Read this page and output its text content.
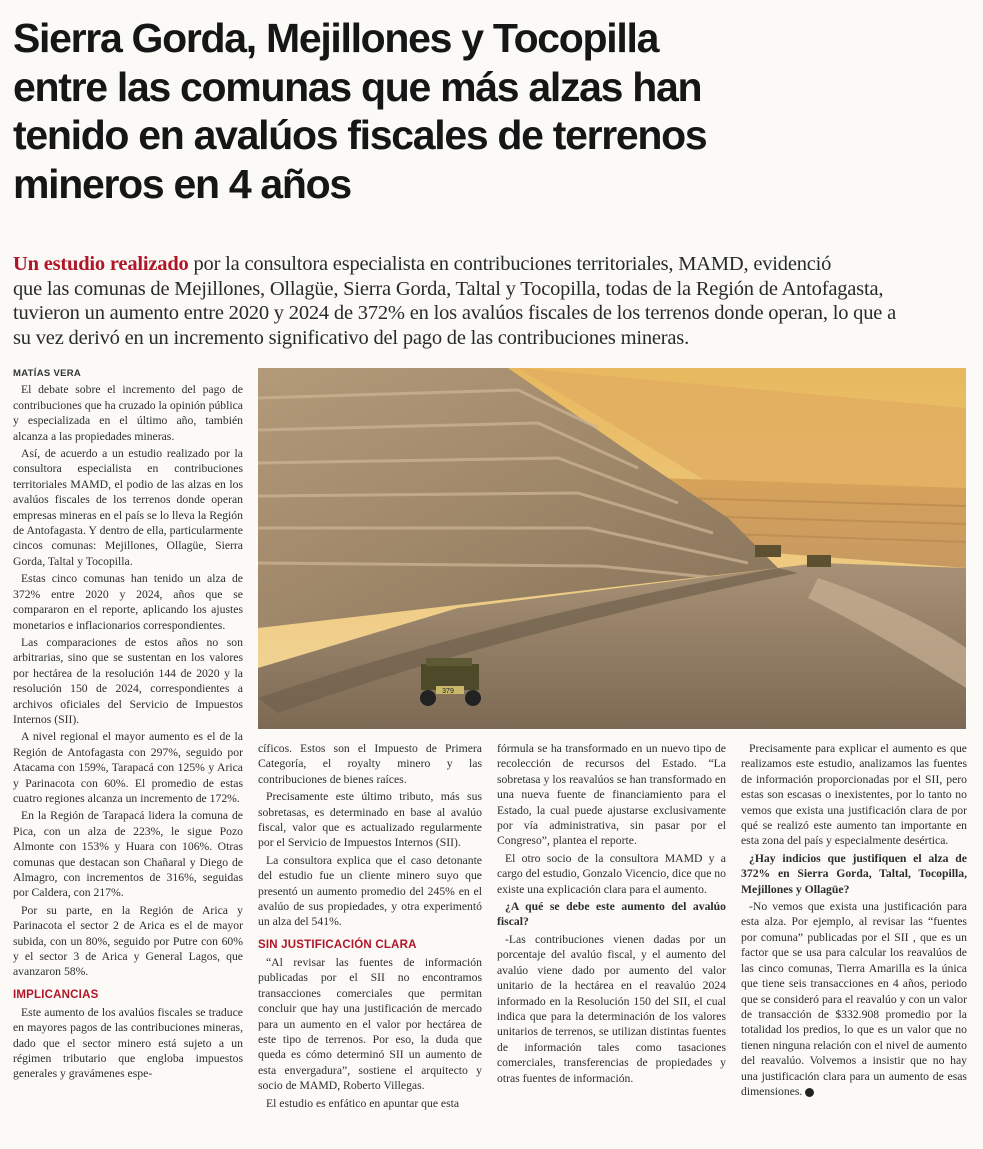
Sierra Gorda, Mejillones y Tocopilla
entre las comunas que más alzas han
tenido en avalúos fiscales de terrenos
mineros en 4 años
Un estudio realizado por la consultora especialista en contribuciones territoriales, MAMD, evidenció
que las comunas de Mejillones, Ollagüe, Sierra Gorda, Taltal y Tocopilla, todas de la Región de Antofagasta,
tuvieron un aumento entre 2020 y 2024 de 372% en los avalúos fiscales de los terrenos donde operan, lo que a
su vez derivó en un incremento significativo del pago de las contribuciones mineras.
MATÍAS VERA

El debate sobre el incremento del pago de contribuciones que ha cruzado la opinión pública y especializada en el último año, también alcanza a las propiedades mineras.

Así, de acuerdo a un estudio realizado por la consultora especialista en contribuciones territoriales MAMD, el podio de las alzas en los avalúos fiscales de los terrenos donde operan empresas mineras en el país se lo lleva la Región de Antofagasta. Y dentro de ella, particularmente cincos comunas: Mejillones, Ollagüe, Sierra Gorda, Taltal y Tocopilla.

Estas cinco comunas han tenido un alza de 372% entre 2020 y 2024, años que se compararon en el reporte, aplicando los ajustes monetarios e inflacionarios correspondientes.

Las comparaciones de estos años no son arbitrarias, sino que se sustentan en los valores por hectárea de la resolución 144 de 2020 y la resolución 150 de 2024, correspondientes a archivos oficiales del Servicio de Impuestos Internos (SII).

A nivel regional el mayor aumento es el de la Región de Antofagasta con 297%, seguido por Atacama con 159%, Tarapacá con 125% y Arica y Parinacota con 60%. El promedio de estas cuatro regiones alcanza un incremento de 172%.

En la Región de Tarapacá lidera la comuna de Pica, con un alza de 223%, le sigue Pozo Almonte con 153% y Huara con 106%. Otras comunas que destacan son Chañaral y Diego de Almagro, con incrementos de 316%, seguidas por Caldera, con 217%.

Por su parte, en la Región de Arica y Parinacota el sector 2 de Arica es el de mayor subida, con un 80%, seguido por Putre con 60% y el sector 3 de Arica y General Lagos, que avanzaron 58%.

IMPLICANCIAS

Este aumento de los avalúos fiscales se traduce en mayores pagos de las contribuciones mineras, dado que el sector minero está sujeto a un régimen tributario que engloba impuestos generales y gravámenes espe-

379

cíficos. Estos son el Impuesto de Primera Categoría, el royalty minero y las contribuciones de bienes raíces.

Precisamente este último tributo, más sus sobretasas, es determinado en base al avalúo fiscal, valor que es actualizado regularmente por el Servicio de Impuestos Internos (SII).

La consultora explica que el caso detonante del estudio fue un cliente minero suyo que presentó un aumento promedio del 245% en el avalúo de sus propiedades, y otra experimentó un alza del 541%.

SIN JUSTIFICACIÓN CLARA

“Al revisar las fuentes de información publicadas por el SII no encontramos transacciones comerciales que permitan concluir que hay una justificación de mercado para un aumento en el valor por hectárea de este tipo de terrenos. Por eso, la duda que queda es cómo determinó SII un aumento de esta envergadura”, sostiene el arquitecto y socio de MAMD, Roberto Villegas.

El estudio es enfático en apuntar que esta

fórmula se ha transformado en un nuevo tipo de recolección de recursos del Estado. “La sobretasa y los reavalúos se han transformado en una nueva fuente de financiamiento para el Estado, la cual puede ajustarse exclusivamente por vía administrativa, sin pasar por el Congreso”, plantea el reporte.

El otro socio de la consultora MAMD y a cargo del estudio, Gonzalo Vicencio, dice que no existe una explicación clara para el aumento.

¿A qué se debe este aumento del avalúo fiscal?

-Las contribuciones vienen dadas por un porcentaje del avalúo fiscal, y el aumento del avalúo viene dado por aumento del valor unitario de la hectárea en el reavalúo 2024 informado en la Resolución 150 del SII, el cual indica que para la determinación de los valores unitarios de terrenos, se utilizan distintas fuentes de información tales como tasaciones comerciales, transferencias de propiedades y otras fuentes de información.

Precisamente para explicar el aumento es que realizamos este estudio, analizamos las fuentes de información proporcionadas por el SII, pero estas son escasas o inexistentes, por lo tanto no vemos que exista una justificación clara de por qué se realizó este aumento tan importante en esta zona del país y especialmente desértica.

¿Hay indicios que justifiquen el alza de 372% en Sierra Gorda, Taltal, Tocopilla, Mejillones y Ollagüe?

-No vemos que exista una justificación para esta alza. Por ejemplo, al revisar las “fuentes por comuna” publicadas por el SII , que es un factor que se usa para calcular los reavalúos de las cinco comunas, Tierra Amarilla es la única que tiene seis transacciones en 4 años, periodo que se consideró para el reavalúo y con un valor de transacción de $332.908 promedio por la totalidad los predios, lo que es un valor que no tienen ninguna relación con el nivel de aumento del reavalúo. Volvemos a insistir que no hay una justificación clara para un aumento de esas dimensiones. Ⓢ
